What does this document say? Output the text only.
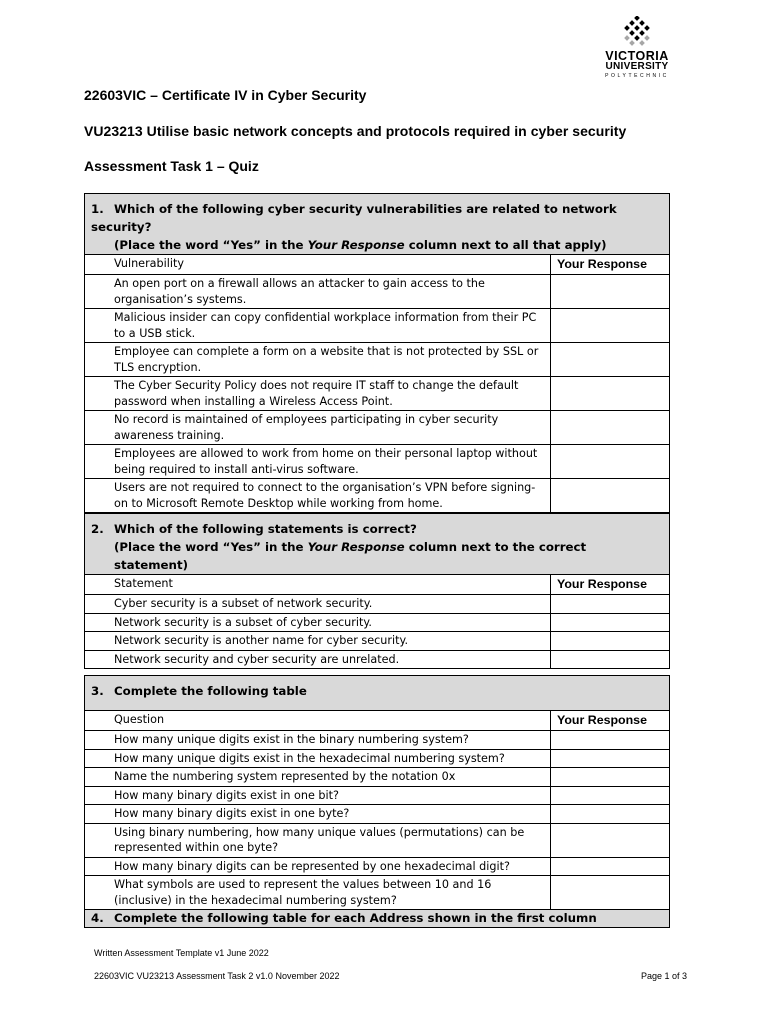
VICTORIA
UNIVERSITY
POLYTECHNIC
22603VIC – Certificate IV in Cyber Security
VU23213 Utilise basic network concepts and protocols required in cyber security
Assessment Task 1 – Quiz
1. Which of the following cyber security vulnerabilities are related to network security?
(Place the word “Yes” in the Your Response column next to all that apply)	

Vulnerability	Your Response
An open port on a firewall allows an attacker to gain access to the organisation’s systems.	
Malicious insider can copy confidential workplace information from their PC to a USB stick.	
Employee can complete a form on a website that is not protected by SSL or TLS encryption.	
The Cyber Security Policy does not require IT staff to change the default password when installing a Wireless Access Point.	
No record is maintained of employees participating in cyber security awareness training.	
Employees are allowed to work from home on their personal laptop without being required to install anti-virus software.	
Users are not required to connect to the organisation’s VPN before signing-on to Microsoft Remote Desktop while working from home.	
2. Which of the following statements is correct?
(Place the word “Yes” in the Your Response column next to the correct statement)	

Statement	Your Response
Cyber security is a subset of network security.	
Network security is a subset of cyber security.	
Network security is another name for cyber security.	
Network security and cyber security are unrelated.	
3. Complete the following table	

Question	Your Response
How many unique digits exist in the binary numbering system?	
How many unique digits exist in the hexadecimal numbering system?	
Name the numbering system represented by the notation 0x	
How many binary digits exist in one bit?	
How many binary digits exist in one byte?	
Using binary numbering, how many unique values (permutations) can be represented within one byte?	
How many binary digits can be represented by one hexadecimal digit?	
What symbols are used to represent the values between 10 and 16 (inclusive) in the hexadecimal numbering system?	
4. Complete the following table for each Address shown in the first column	
Written Assessment Template v1 June 2022
22603VIC VU23213 Assessment Task 2 v1.0 November 2022	Page 1 of 3
